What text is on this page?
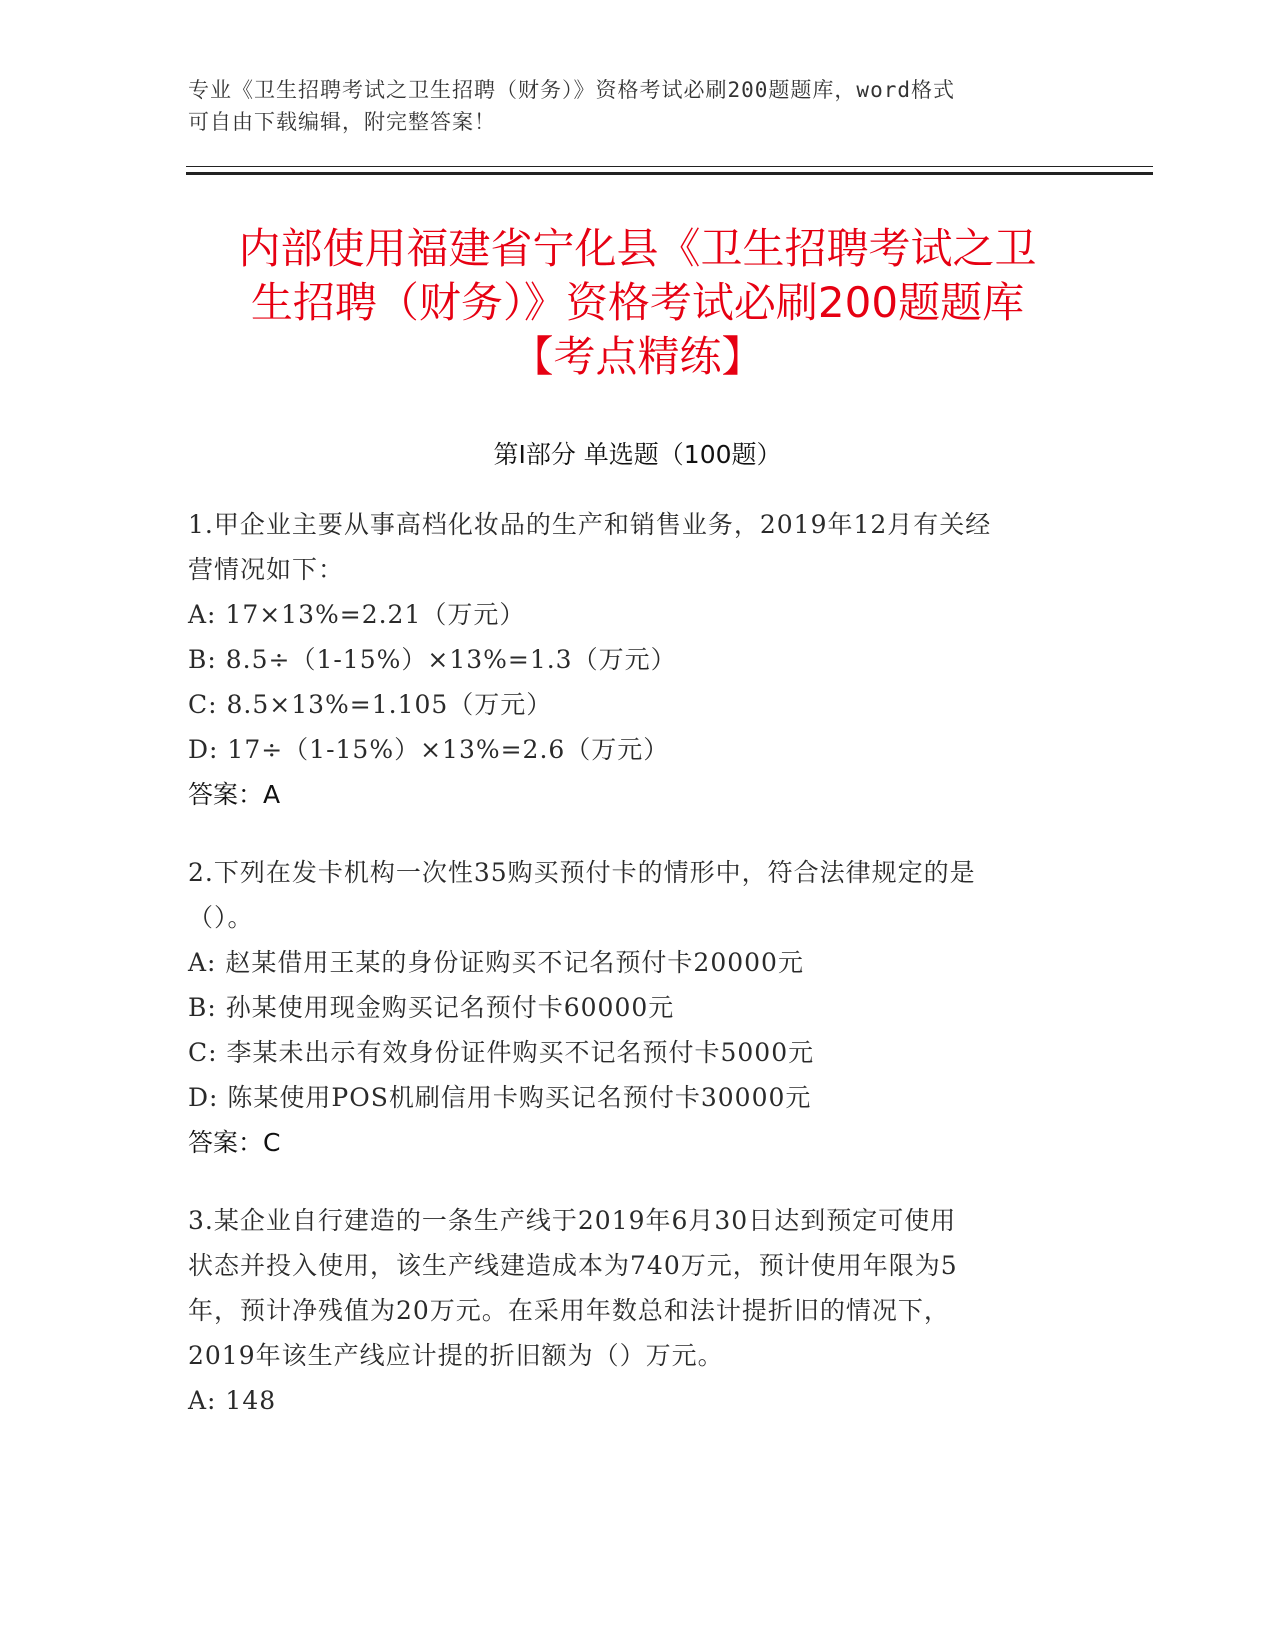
专业《卫生招聘考试之卫生招聘（财务）》资格考试必刷200题题库，word格式
可自由下载编辑，附完整答案！
内部使用福建省宁化县《卫生招聘考试之卫
生招聘（财务）》资格考试必刷200题题库
【考点精练】
第I部分 单选题（100题）
1.甲企业主要从事高档化妆品的生产和销售业务，2019年12月有关经
营情况如下：
A: 17×13%=2.21（万元）
B: 8.5÷（1-15%）×13%=1.3（万元）
C: 8.5×13%=1.105（万元）
D: 17÷（1-15%）×13%=2.6（万元）
答案：A
2.下列在发卡机构一次性35购买预付卡的情形中，符合法律规定的是
（）。
A: 赵某借用王某的身份证购买不记名预付卡20000元
B: 孙某使用现金购买记名预付卡60000元
C: 李某未出示有效身份证件购买不记名预付卡5000元
D: 陈某使用POS机刷信用卡购买记名预付卡30000元
答案：C
3.某企业自行建造的一条生产线于2019年6月30日达到预定可使用
状态并投入使用，该生产线建造成本为740万元，预计使用年限为5
年，预计净残值为20万元。在采用年数总和法计提折旧的情况下，
2019年该生产线应计提的折旧额为（）万元。
A: 148
